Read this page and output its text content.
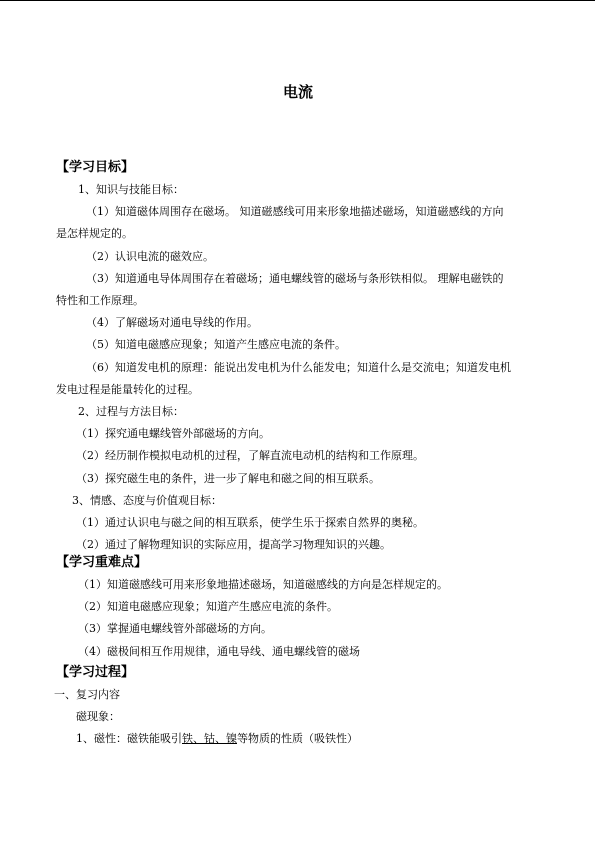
电流
【学习目标】
1、知识与技能目标：
（1）知道磁体周围存在磁场。 知道磁感线可用来形象地描述磁场，知道磁感线的方向
是怎样规定的。
（2）认识电流的磁效应。
（3）知道通电导体周围存在着磁场；通电螺线管的磁场与条形铁相似。 理解电磁铁的
特性和工作原理。
（4）了解磁场对通电导线的作用。
（5）知道电磁感应现象；知道产生感应电流的条件。
（6）知道发电机的原理：能说出发电机为什么能发电；知道什么是交流电；知道发电机
发电过程是能量转化的过程。
2、过程与方法目标：
（1）探究通电螺线管外部磁场的方向。
（2）经历制作模拟电动机的过程，了解直流电动机的结构和工作原理。
（3）探究磁生电的条件，进一步了解电和磁之间的相互联系。
3、情感、态度与价值观目标：
（1）通过认识电与磁之间的相互联系，使学生乐于探索自然界的奥秘。
（2）通过了解物理知识的实际应用，提高学习物理知识的兴趣。
【学习重难点】
（1）知道磁感线可用来形象地描述磁场，知道磁感线的方向是怎样规定的。
（2）知道电磁感应现象；知道产生感应电流的条件。
（3）掌握通电螺线管外部磁场的方向。
（4）磁极间相互作用规律，通电导线、通电螺线管的磁场
【学习过程】
一、复习内容
磁现象：
1、磁性：磁铁能吸引铁、钴、镍等物质的性质（吸铁性）
